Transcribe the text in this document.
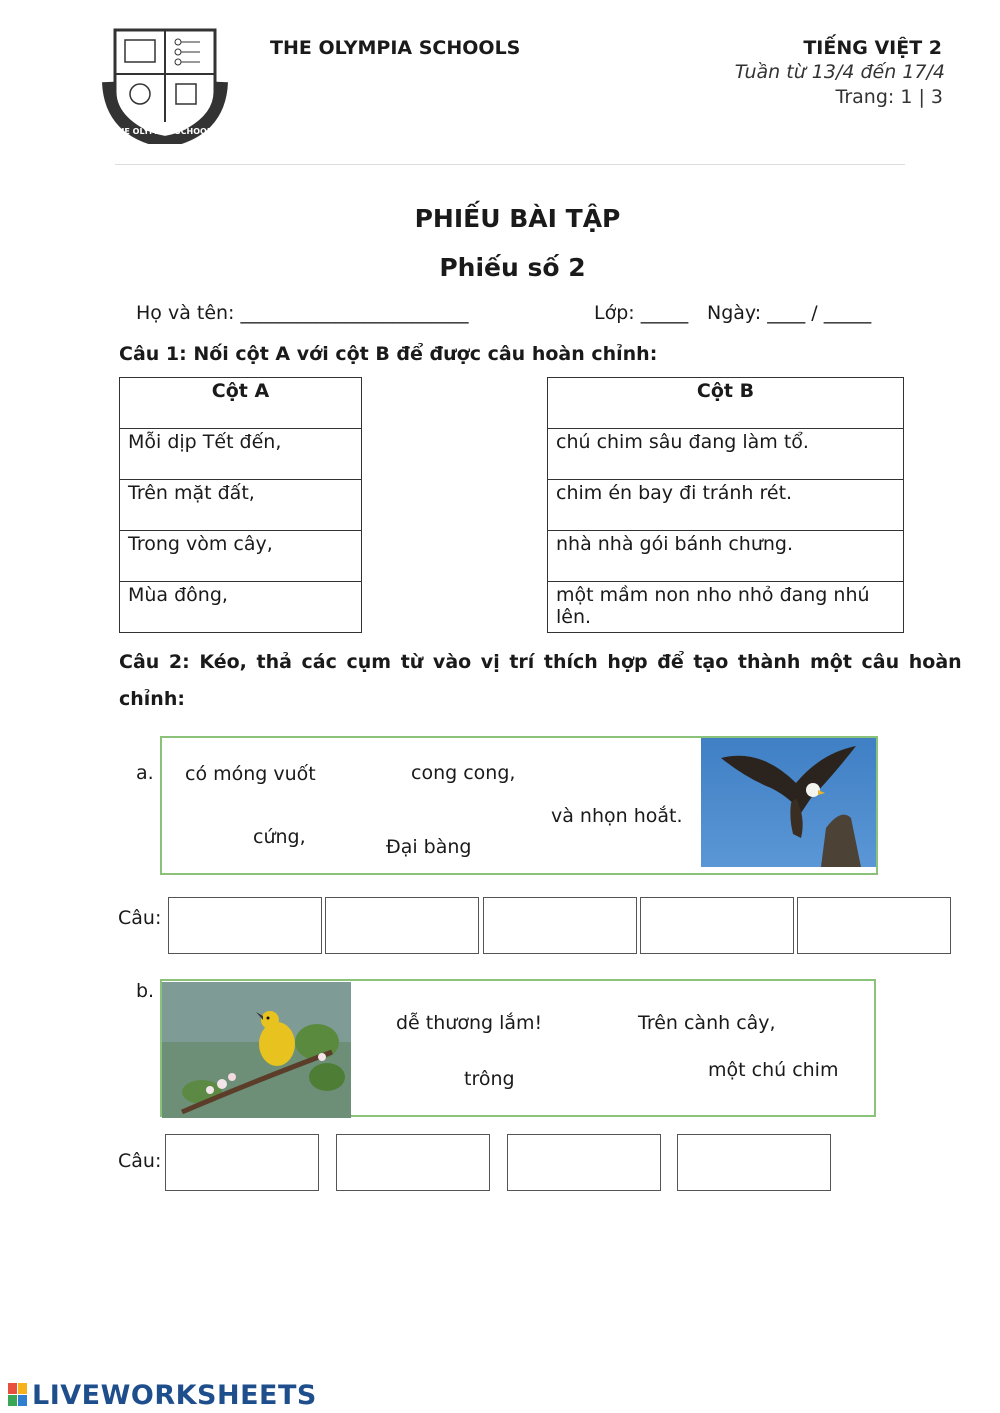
THE OLYMPIA SCHOOLS
THE OLYMPIA SCHOOLS	TIẾNG VIỆT 2
Tuần từ 13/4 đến 17/4
Trang: 1 | 3
PHIẾU BÀI TẬP
Phiếu số 2
Họ và tên: ________________________	Lớp: _____ Ngày: ____ / _____
Câu 1: Nối cột A với cột B để được câu hoàn chỉnh:
Cột A
Mỗi dịp Tết đến,
Trên mặt đất,
Trong vòm cây,
Mùa đông,
Cột B
chú chim sâu đang làm tổ.
chim én bay đi tránh rét.
nhà nhà gói bánh chưng.
một mầm non nho nhỏ đang nhú lên.
Câu 2: Kéo, thả các cụm từ vào vị trí thích hợp để tạo thành một câu hoàn
chỉnh:
a. có móng vuốt	cong cong,
và nhọn hoắt.
cứng,	Đại bàng
Câu:
b.
dễ thương lắm!	Trên cành cây,
trông	một chú chim
Câu:
LIVEWORKSHEETS
